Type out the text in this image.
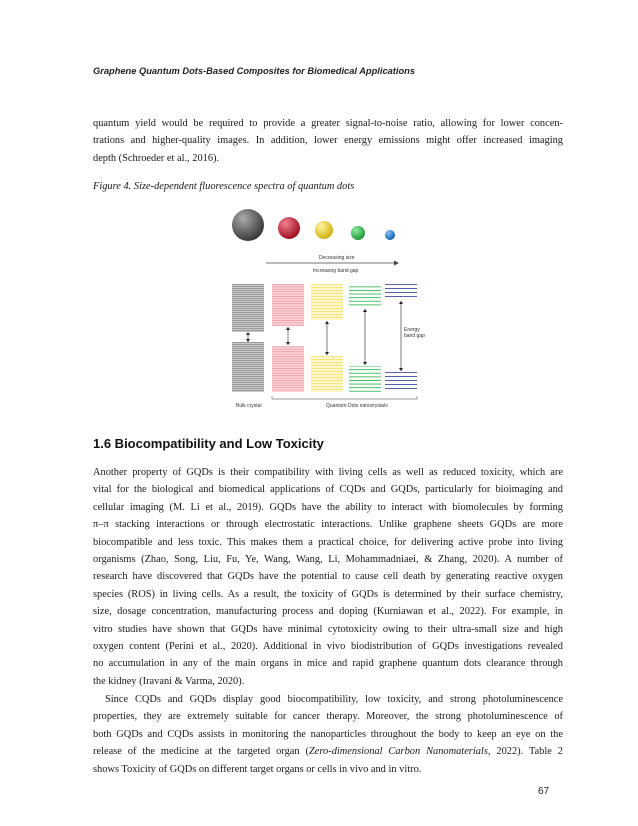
Graphene Quantum Dots-Based Composites for Biomedical Applications

quantum yield would be required to provide a greater signal-to-noise ratio, allowing for lower concen-
trations and higher-quality images. In addition, lower energy emissions might offer increased imaging
depth (Schroeder et al., 2016).

Figure 4. Size-dependent fluorescence spectra of quantum dots
Decreasing size
Increasing band gap
Energy
band gap
Bulk crystal	Quantum Dots nanocrystals
1.6 Biocompatibility and Low Toxicity

Another property of GQDs is their compatibility with living cells as well as reduced toxicity, which are
vital for the biological and biomedical applications of CQDs and GQDs, particularly for bioimaging and
cellular imaging (M. Li et al., 2019). GQDs have the ability to interact with biomolecules by forming
π–π stacking interactions or through electrostatic interactions. Unlike graphene sheets GQDs are more
biocompatible and less toxic. This makes them a practical choice, for delivering active probe into living
organisms (Zhao, Song, Liu, Fu, Ye, Wang, Wang, Li, Mohammadniaei, & Zhang, 2020). A number of
research have discovered that GQDs have the potential to cause cell death by generating reactive oxygen
species (ROS) in living cells. As a result, the toxicity of GQDs is determined by their surface chemistry,
size, dosage concentration, manufacturing process and doping (Kurniawan et al., 2022). For example, in
vitro studies have shown that GQDs have minimal cytotoxicity owing to their ultra-small size and high
oxygen content (Perini et al., 2020). Additional in vivo biodistribution of GQDs investigations revealed
no accumulation in any of the main organs in mice and rapid graphene quantum dots clearance through
the kidney (Iravani & Varma, 2020).

Since CQDs and GQDs display good biocompatibility, low toxicity, and strong photoluminescence
properties, they are extremely suitable for cancer therapy. Moreover, the strong photoluminescence of
both GQDs and CQDs assists in monitoring the nanoparticles throughout the body to keep an eye on the
release of the medicine at the targeted organ (Zero-dimensional Carbon Nanomaterials, 2022). Table 2
shows Toxicity of GQDs on different target organs or cells in vivo and in vitro.

67
